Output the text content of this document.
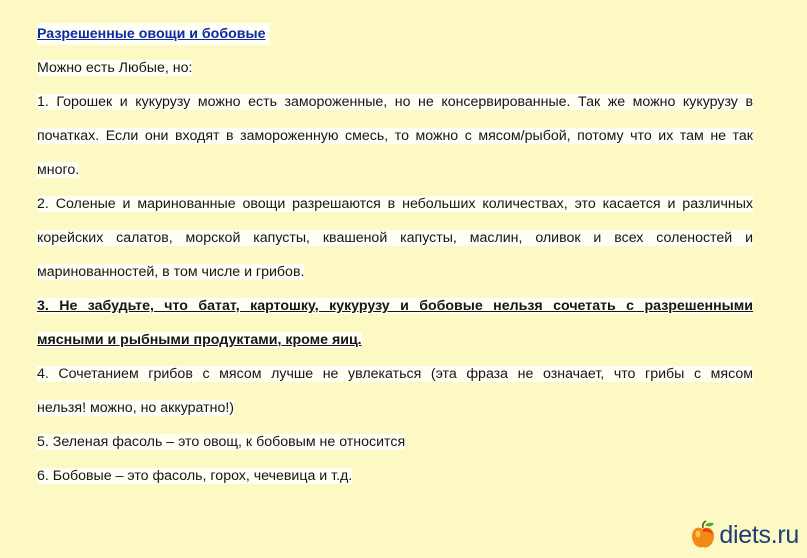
Разрешенные овощи и бобовые
Можно есть Любые, но:
1. Горошек и кукурузу можно есть замороженные, но не консервированные. Так же можно кукурузу в
початках. Если они входят в замороженную смесь, то можно с мясом/рыбой, потому что их там не так
много.
2. Соленые и маринованные овощи разрешаются в небольших количествах, это касается и различных
корейских салатов, морской капусты, квашеной капусты, маслин, оливок и всех соленостей и
маринованностей, в том числе и грибов.
3. Не забудьте, что батат, картошку, кукурузу и бобовые нельзя сочетать с разрешенными
мясными и рыбными продуктами, кроме яиц.
4. Сочетанием грибов с мясом лучше не увлекаться (эта фраза не означает, что грибы с мясом
нельзя! можно, но аккуратно!)
5. Зеленая фасоль – это овощ, к бобовым не относится
6. Бобовые – это фасоль, горох, чечевица и т.д.
diets.ru
